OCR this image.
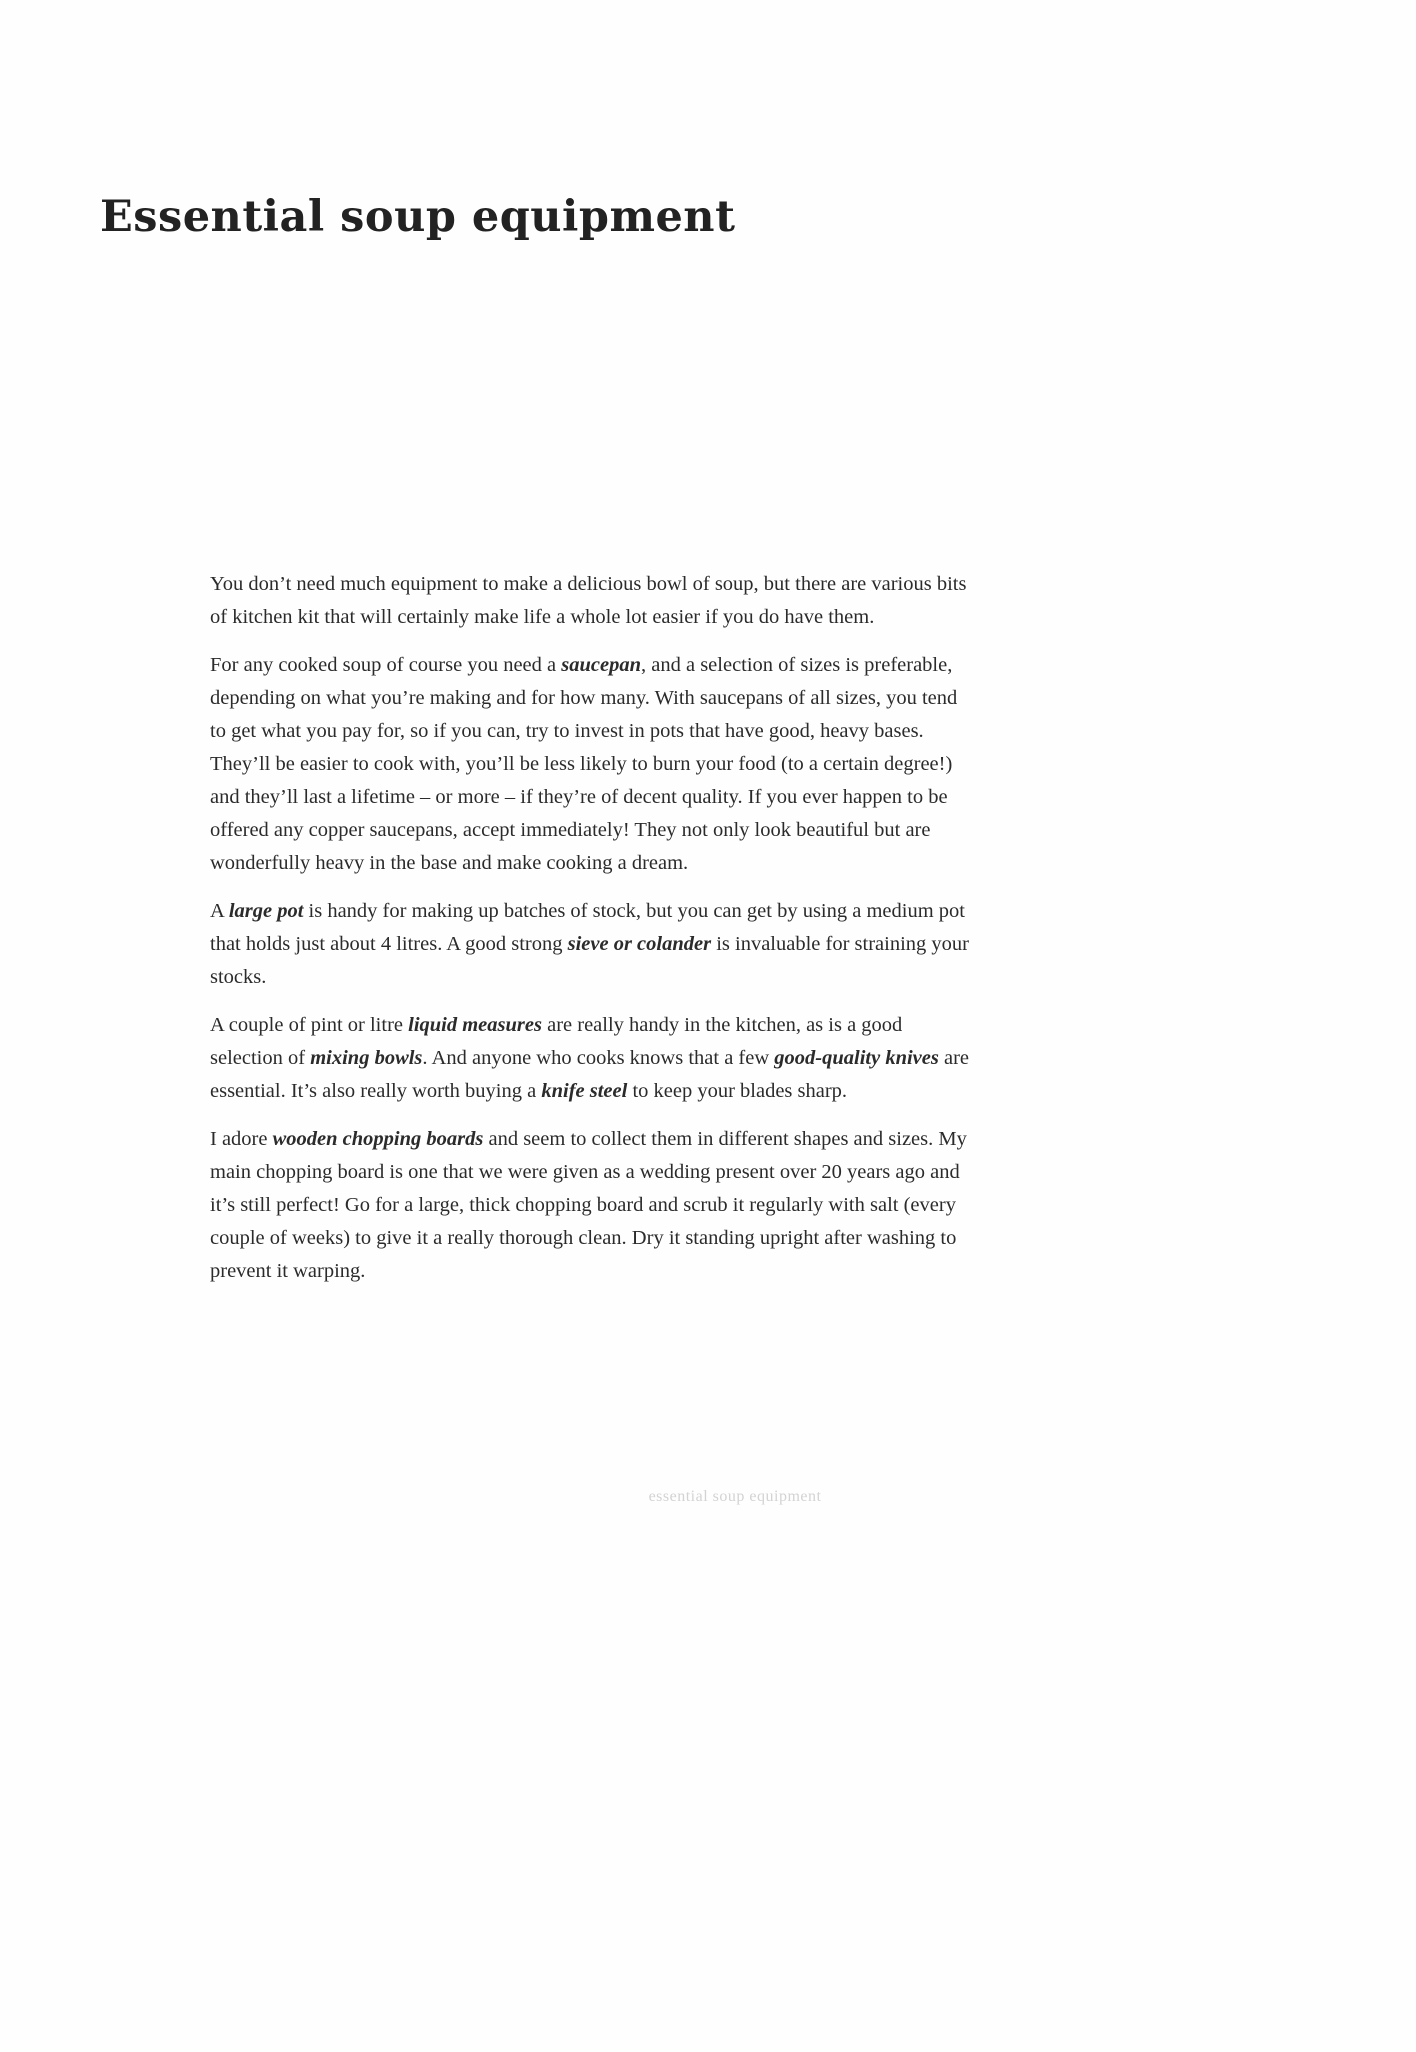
Essential soup equipment

You don’t need much equipment to make a delicious bowl of soup, but there are various bits of kitchen kit that will certainly make life a whole lot easier if you do have them.

For any cooked soup of course you need a saucepan, and a selection of sizes is preferable, depending on what you’re making and for how many. With saucepans of all sizes, you tend to get what you pay for, so if you can, try to invest in pots that have good, heavy bases. They’ll be easier to cook with, you’ll be less likely to burn your food (to a certain degree!) and they’ll last a lifetime – or more – if they’re of decent quality. If you ever happen to be offered any copper saucepans, accept immediately! They not only look beautiful but are wonderfully heavy in the base and make cooking a dream.

A large pot is handy for making up batches of stock, but you can get by using a medium pot that holds just about 4 litres. A good strong sieve or colander is invaluable for straining your stocks.

A couple of pint or litre liquid measures are really handy in the kitchen, as is a good selection of mixing bowls. And anyone who cooks knows that a few good-quality knives are essential. It’s also really worth buying a knife steel to keep your blades sharp.

I adore wooden chopping boards and seem to collect them in different shapes and sizes. My main chopping board is one that we were given as a wedding present over 20 years ago and it’s still perfect! Go for a large, thick chopping board and scrub it regularly with salt (every couple of weeks) to give it a really thorough clean. Dry it standing upright after washing to prevent it warping.

essential soup equipment
